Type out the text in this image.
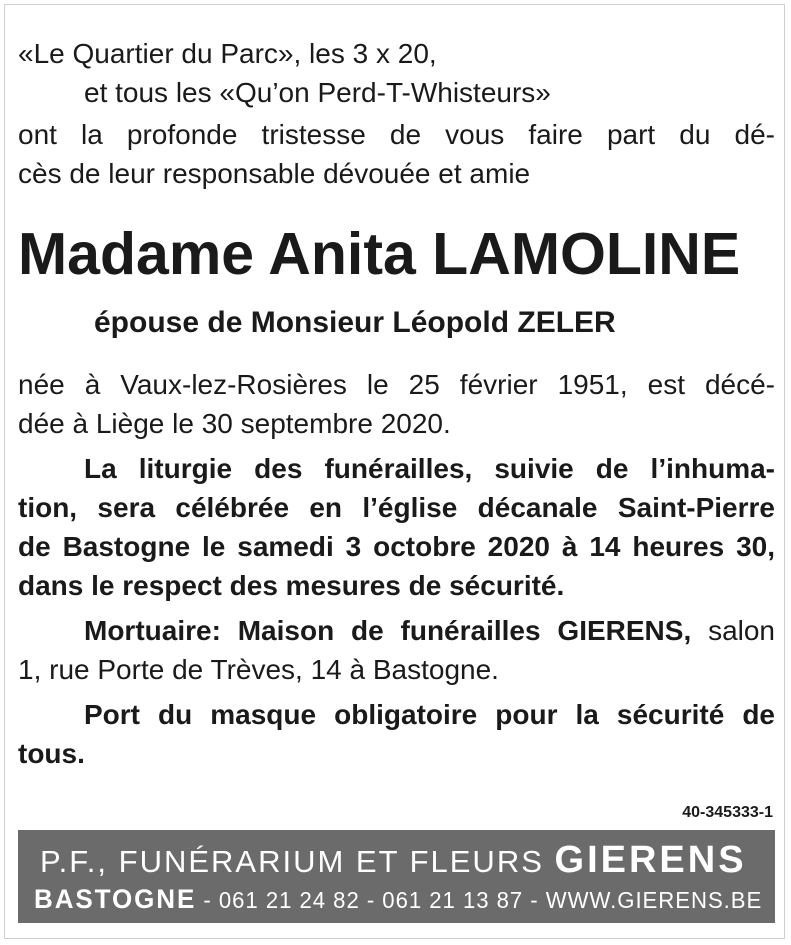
«Le Quartier du Parc», les 3 x 20,
et tous les «Qu’on Perd-T-Whisteurs»

ont la profonde tristesse de vous faire part du dé-
cès de leur responsable dévouée et amie

Madame Anita LAMOLINE
épouse de Monsieur Léopold ZELER

née à Vaux-lez-Rosières le 25 février 1951, est décé-
dée à Liège le 30 septembre 2020.

La liturgie des funérailles, suivie de l’inhuma-
tion, sera célébrée en l’église décanale Saint-Pierre
de Bastogne le samedi 3 octobre 2020 à 14 heures 30,
dans le respect des mesures de sécurité.

Mortuaire: Maison de funérailles GIERENS, salon
1, rue Porte de Trèves, 14 à Bastogne.

Port du masque obligatoire pour la sécurité de
tous.

40-345333-1
P.F., FUNÉRARIUM ET FLEURS GIERENS
BASTOGNE - 061 21 24 82 - 061 21 13 87 - WWW.GIERENS.BE
